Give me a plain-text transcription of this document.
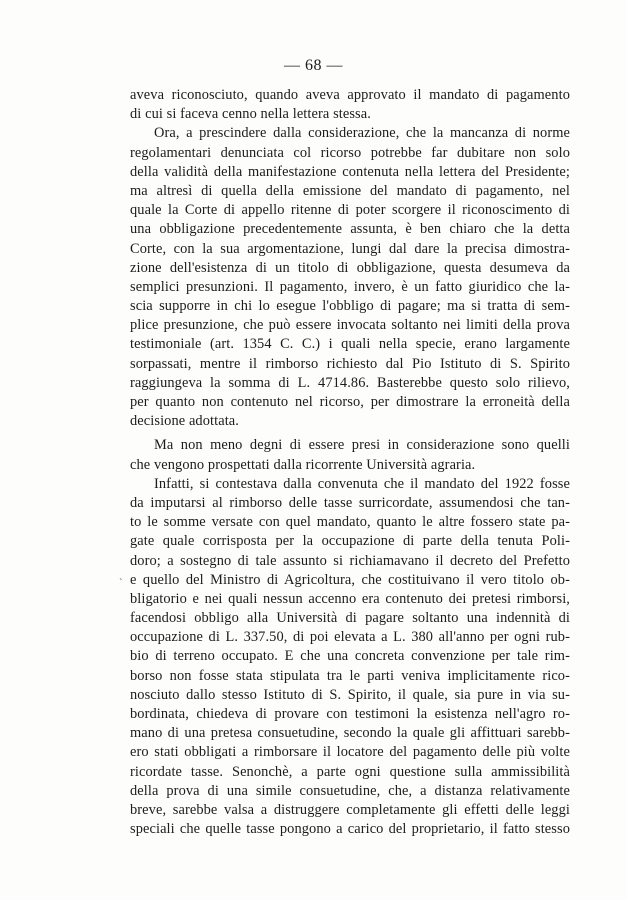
— 68 —
aveva riconosciuto, quando aveva approvato il mandato di pagamento
di cui si faceva cenno nella lettera stessa.
Ora, a prescindere dalla considerazione, che la mancanza di norme
regolamentari denunciata col ricorso potrebbe far dubitare non solo
della validità della manifestazione contenuta nella lettera del Presidente;
ma altresì di quella della emissione del mandato di pagamento, nel
quale la Corte di appello ritenne di poter scorgere il riconoscimento di
una obbligazione precedentemente assunta, è ben chiaro che la detta
Corte, con la sua argomentazione, lungi dal dare la precisa dimostra-
zione dell'esistenza di un titolo di obbligazione, questa desumeva da
semplici presunzioni. Il pagamento, invero, è un fatto giuridico che la-
scia supporre in chi lo esegue l'obbligo di pagare; ma si tratta di sem-
plice presunzione, che può essere invocata soltanto nei limiti della prova
testimoniale (art. 1354 C. C.) i quali nella specie, erano largamente
sorpassati, mentre il rimborso richiesto dal Pio Istituto di S. Spirito
raggiungeva la somma di L. 4714.86. Basterebbe questo solo rilievo,
per quanto non contenuto nel ricorso, per dimostrare la erroneità della
decisione adottata.
Ma non meno degni di essere presi in considerazione sono quelli
che vengono prospettati dalla ricorrente Università agraria.
Infatti, si contestava dalla convenuta che il mandato del 1922 fosse
da imputarsi al rimborso delle tasse surricordate, assumendosi che tan-
to le somme versate con quel mandato, quanto le altre fossero state pa-
gate quale corrisposta per la occupazione di parte della tenuta Poli-
doro; a sostegno di tale assunto si richiamavano il decreto del Prefetto
e quello del Ministro di Agricoltura, che costituivano il vero titolo ob-
bligatorio e nei quali nessun accenno era contenuto dei pretesi rimborsi,
facendosi obbligo alla Università di pagare soltanto una indennità di
occupazione di L. 337.50, di poi elevata a L. 380 all'anno per ogni rub-
bio di terreno occupato. E che una concreta convenzione per tale rim-
borso non fosse stata stipulata tra le parti veniva implicitamente rico-
nosciuto dallo stesso Istituto di S. Spirito, il quale, sia pure in via su-
bordinata, chiedeva di provare con testimoni la esistenza nell'agro ro-
mano di una pretesa consuetudine, secondo la quale gli affittuari sarebb-
ero stati obbligati a rimborsare il locatore del pagamento delle più volte
ricordate tasse. Senonchè, a parte ogni questione sulla ammissibilità
della prova di una simile consuetudine, che, a distanza relativamente
breve, sarebbe valsa a distruggere completamente gli effetti delle leggi
speciali che quelle tasse pongono a carico del proprietario, il fatto stesso
`
